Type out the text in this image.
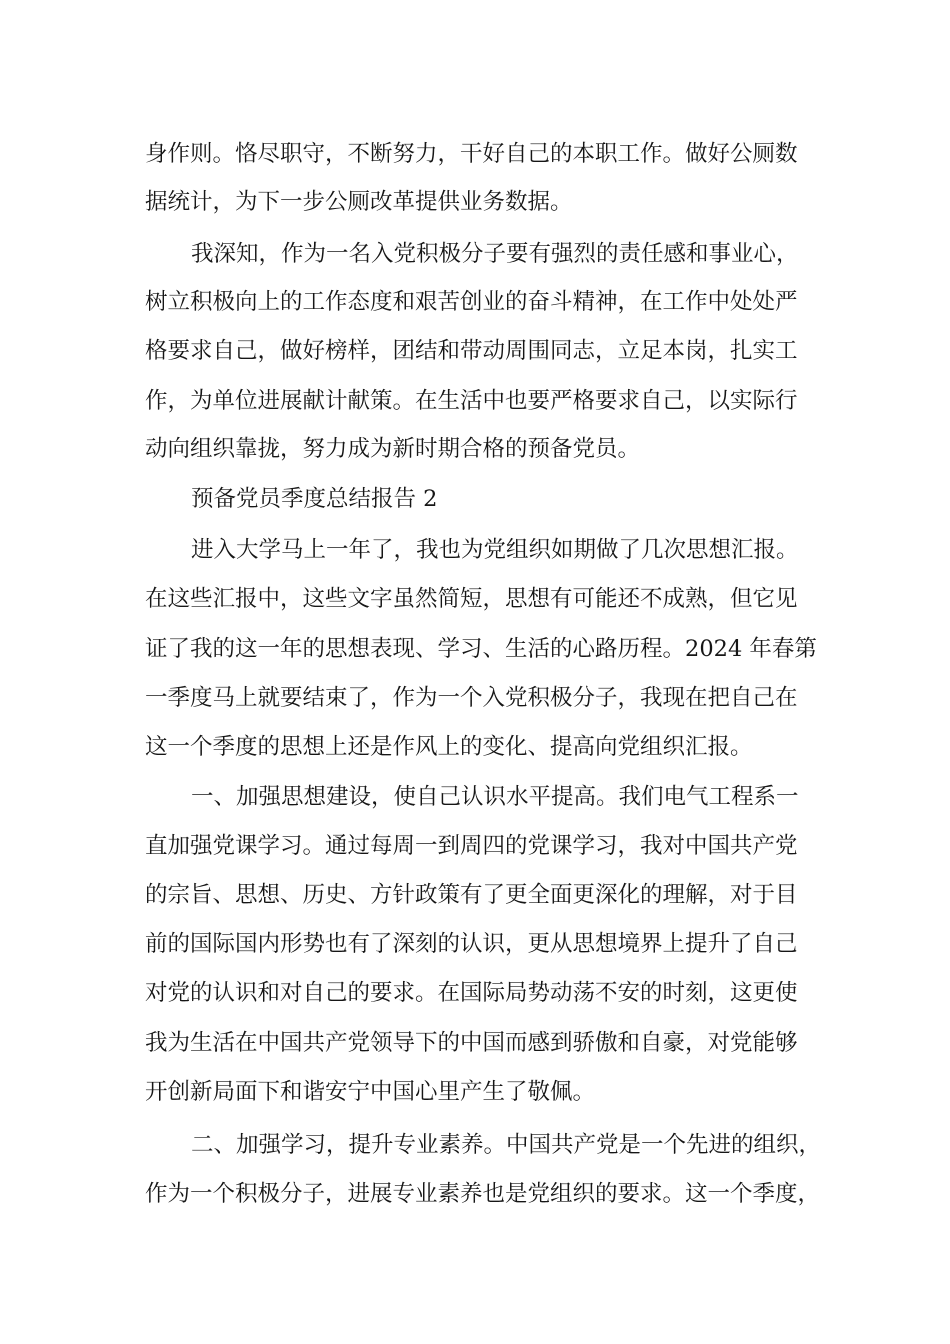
身作则。恪尽职守，不断努力，干好自己的本职工作。做好公厕数
据统计，为下一步公厕改革提供业务数据。
我深知，作为一名入党积极分子要有强烈的责任感和事业心，
树立积极向上的工作态度和艰苦创业的奋斗精神，在工作中处处严
格要求自己，做好榜样，团结和带动周围同志，立足本岗，扎实工
作，为单位进展献计献策。在生活中也要严格要求自己，以实际行
动向组织靠拢，努力成为新时期合格的预备党员。
预备党员季度总结报告 2
进入大学马上一年了，我也为党组织如期做了几次思想汇报。
在这些汇报中，这些文字虽然简短，思想有可能还不成熟，但它见
证了我的这一年的思想表现、学习、生活的心路历程。2024 年春第
一季度马上就要结束了，作为一个入党积极分子，我现在把自己在
这一个季度的思想上还是作风上的变化、提高向党组织汇报。
一、加强思想建设，使自己认识水平提高。我们电气工程系一
直加强党课学习。通过每周一到周四的党课学习，我对中国共产党
的宗旨、思想、历史、方针政策有了更全面更深化的理解，对于目
前的国际国内形势也有了深刻的认识，更从思想境界上提升了自己
对党的认识和对自己的要求。在国际局势动荡不安的时刻，这更使
我为生活在中国共产党领导下的中国而感到骄傲和自豪，对党能够
开创新局面下和谐安宁中国心里产生了敬佩。
二、加强学习，提升专业素养。中国共产党是一个先进的组织，
作为一个积极分子，进展专业素养也是党组织的要求。这一个季度，
